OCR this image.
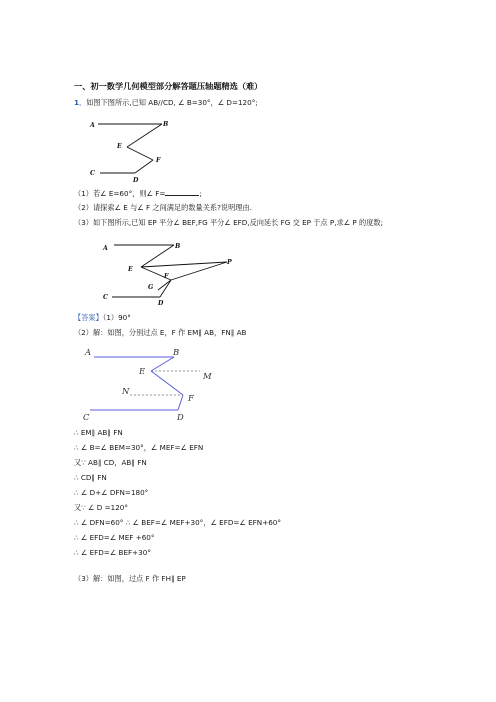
一、初一数学几何模型部分解答题压轴题精选（难）
1．如图下图所示,已知 AB//CD, ∠ B=30°，∠ D=120°;
A	B
E
F
C
D
（1）若∠ E=60°，则∠ F=	;
（2）请探索∠ E 与∠ F 之间满足的数量关系?说明理由.
（3）如下图所示,已知 EP 平分∠ BEF,FG 平分∠ EFD,反向延长 FG 交 EP 于点 P,求∠ P 的度数;
A	B
E
F
P
G
C
D
【答案】（1）90°
（2）解：如图，分别过点 E，F 作 EM∥ AB，FN∥ AB
A	B
E	M
N
F
C	D
∴ EM∥ AB∥ FN
∴ ∠ B=∠ BEM=30°，∠ MEF=∠ EFN
又∵ AB∥ CD，AB∥ FN
∴ CD∥ FN
∴ ∠ D+∠ DFN=180°
又∵ ∠ D =120°
∴ ∠ DFN=60° ∴ ∠ BEF=∠ MEF+30°，∠ EFD=∠ EFN+60°
∴ ∠ EFD=∠ MEF +60°
∴ ∠ EFD=∠ BEF+30°
（3）解：如图，过点 F 作 FH∥ EP
